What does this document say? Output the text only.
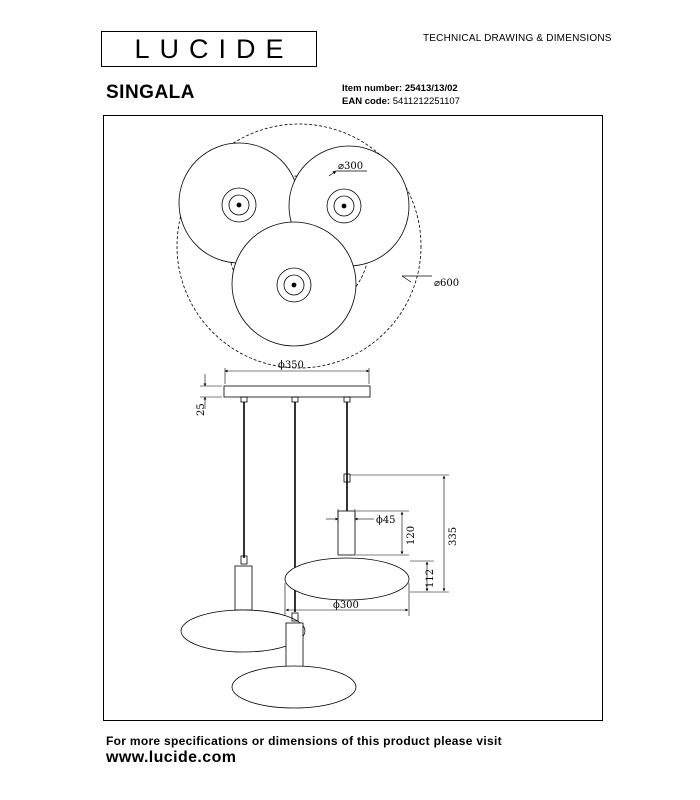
LUCIDE	TECHNICAL DRAWING & DIMENSIONS
SINGALA	Item number: 25413/13/02
EAN code: 5411212251107
⌀300
⌀600
ϕ350
25
ϕ45
120	335
112
ϕ300
For more specifications or dimensions of this product please visit
www.lucide.com
